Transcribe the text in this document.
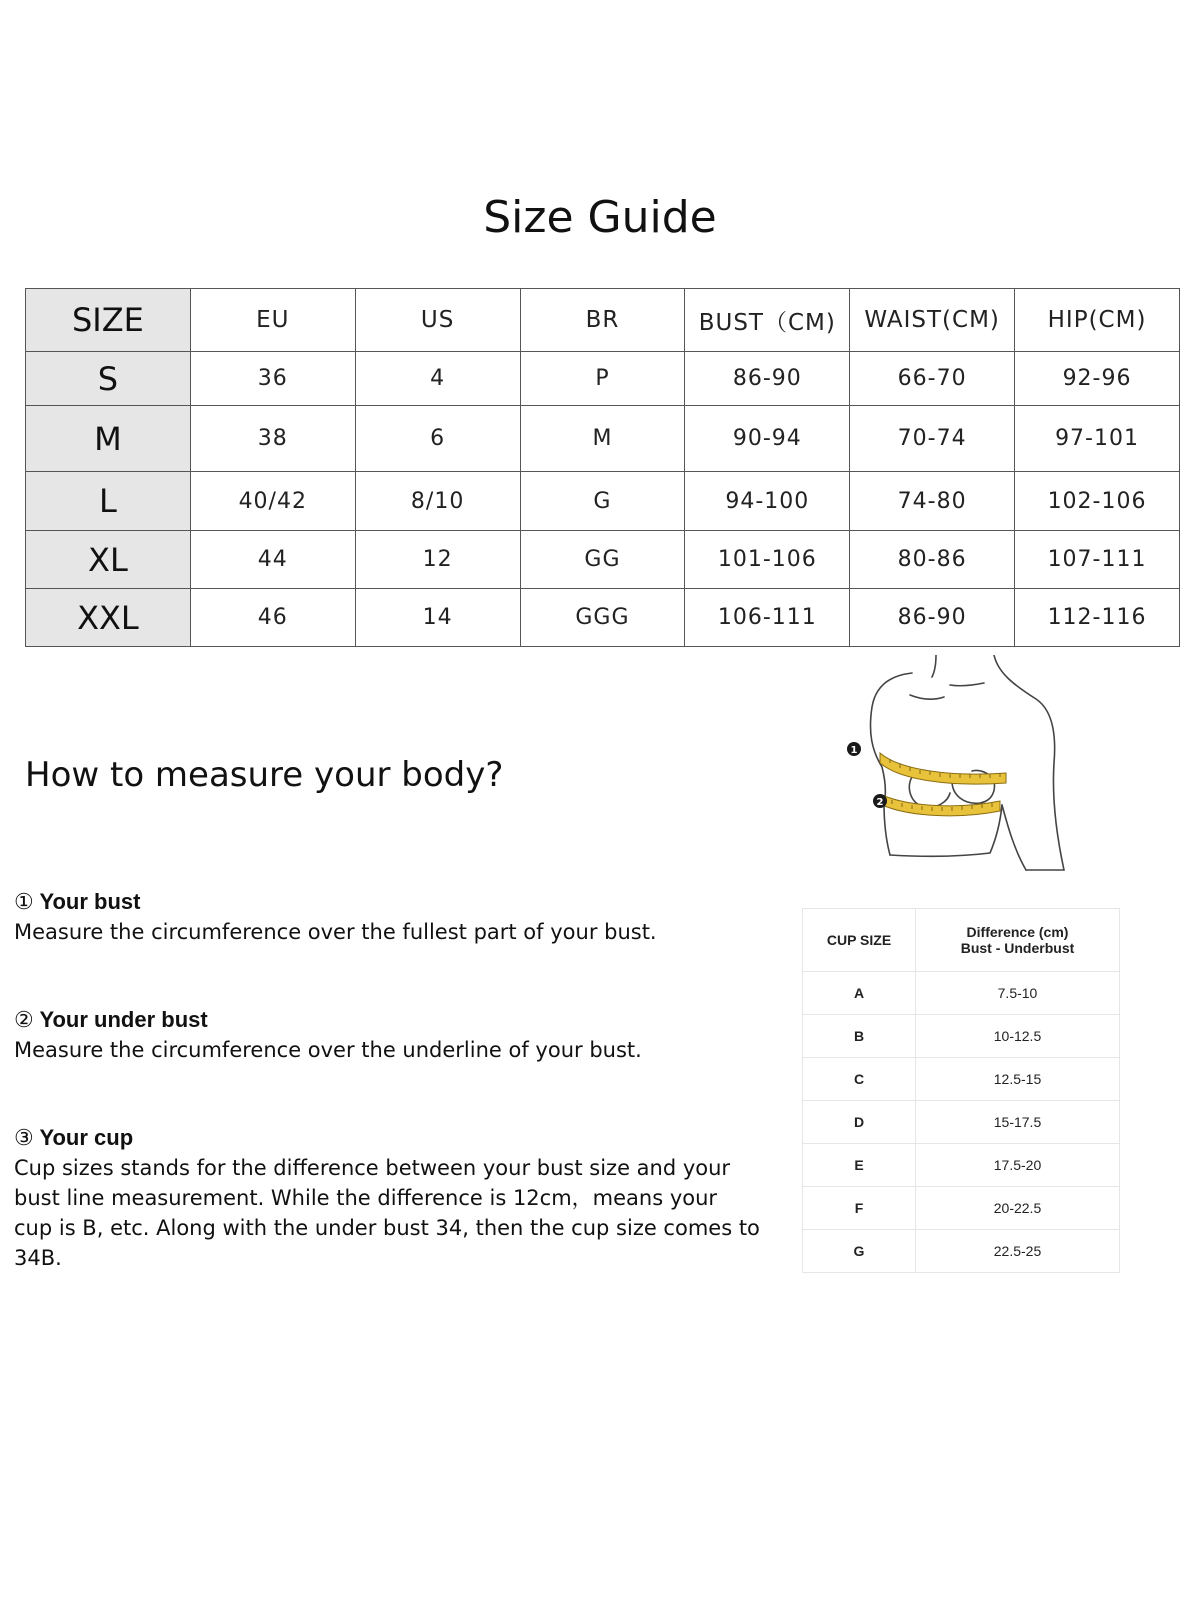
Size Guide
SIZE	EU	US	BR	BUST（CM)	WAIST(CM)	HIP(CM)
S	36	4	P	86-90	66-70	92-96
M	38	6	M	90-94	70-74	97-101
L	40/42	8/10	G	94-100	74-80	102-106
XL	44	12	GG	101-106	80-86	107-111
XXL	46	14	GGG	106-111	86-90	112-116
How to measure your body?
1
2
① Your bust
Measure the circumference over the fullest part of your bust.
② Your under bust
Measure the circumference over the underline of your bust.
③ Your cup
Cup sizes stands for the difference between your bust size and your
bust line measurement. While the difference is 12cm，means your
cup is B, etc. Along with the under bust 34, then the cup size comes to 34B.
CUP SIZE	Difference (cm)
Bust - Underbust

A	7.5-10
B	10-12.5
C	12.5-15
D	15-17.5
E	17.5-20
F	20-22.5
G	22.5-25
